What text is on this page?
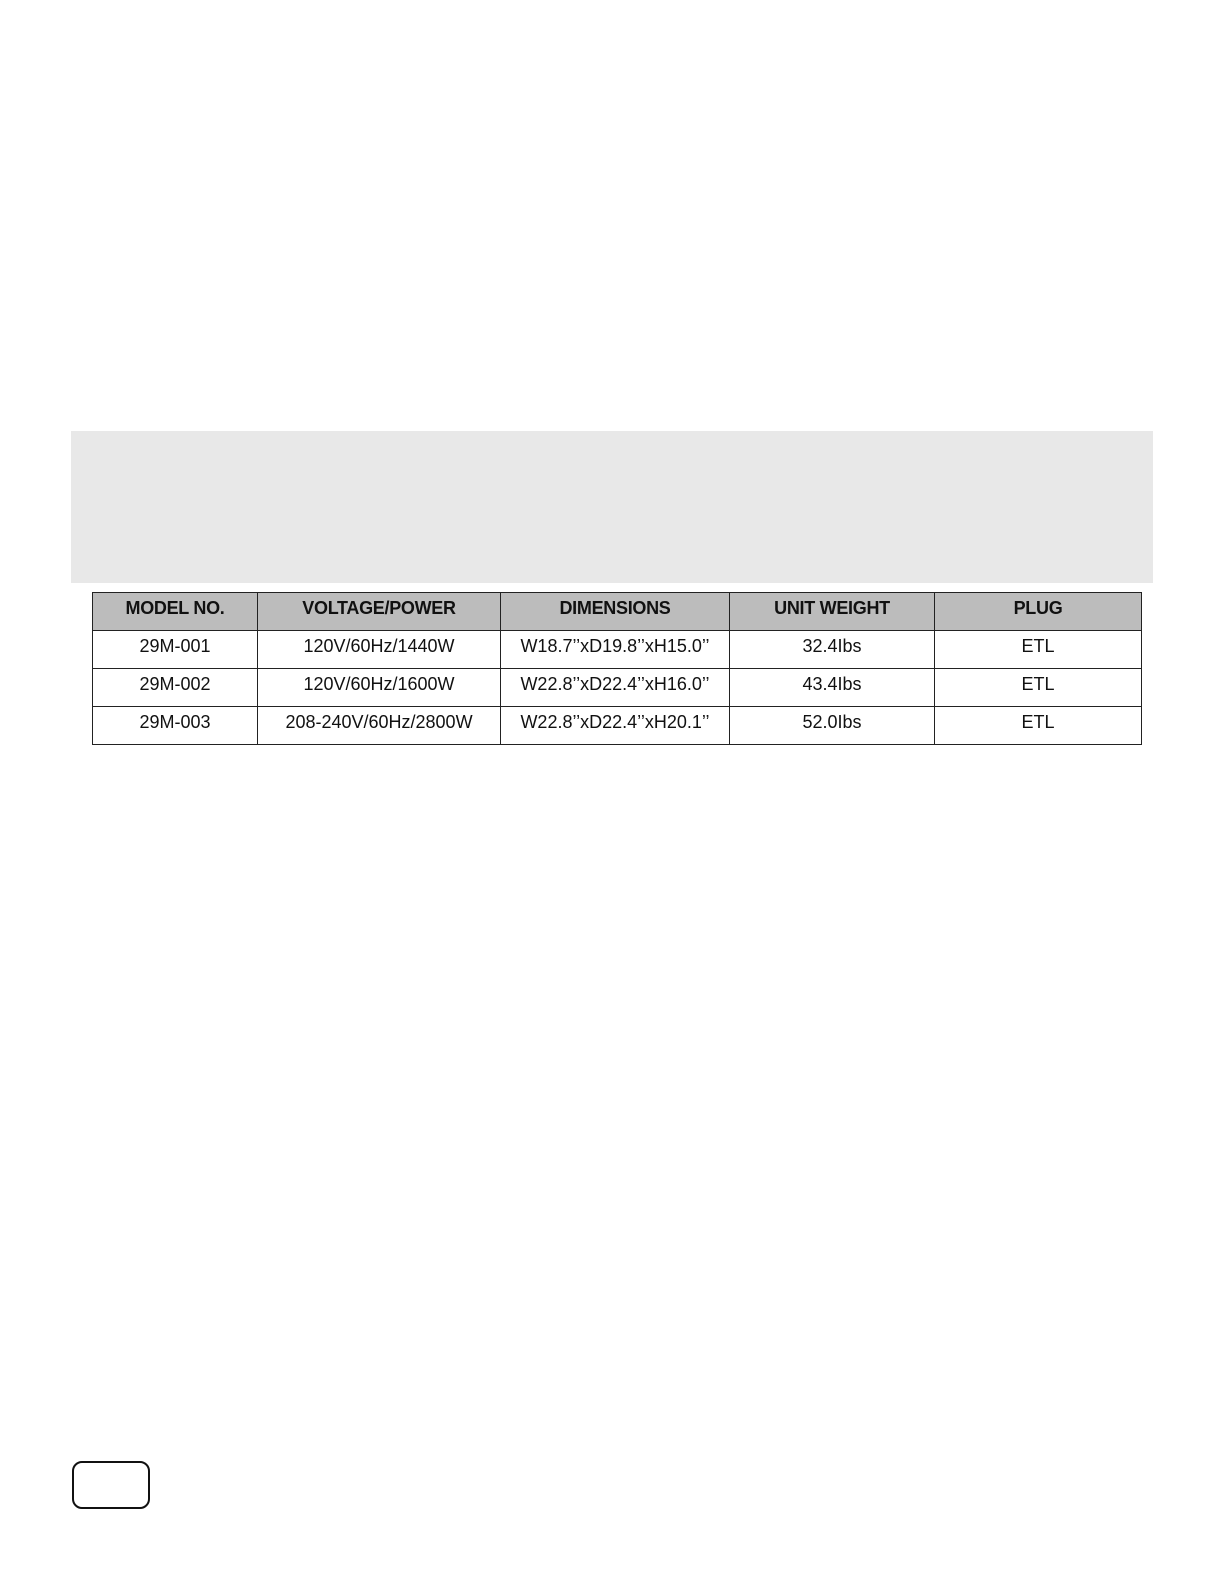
MODEL NO.	VOLTAGE/POWER	DIMENSIONS	UNIT WEIGHT	PLUG
29M-001	120V/60Hz/1440W	W18.7’’xD19.8’’xH15.0’’	32.4Ibs	ETL
29M-002	120V/60Hz/1600W	W22.8’’xD22.4’’xH16.0’’	43.4Ibs	ETL
29M-003	208-240V/60Hz/2800W	W22.8’’xD22.4’’xH20.1’’	52.0Ibs	ETL
